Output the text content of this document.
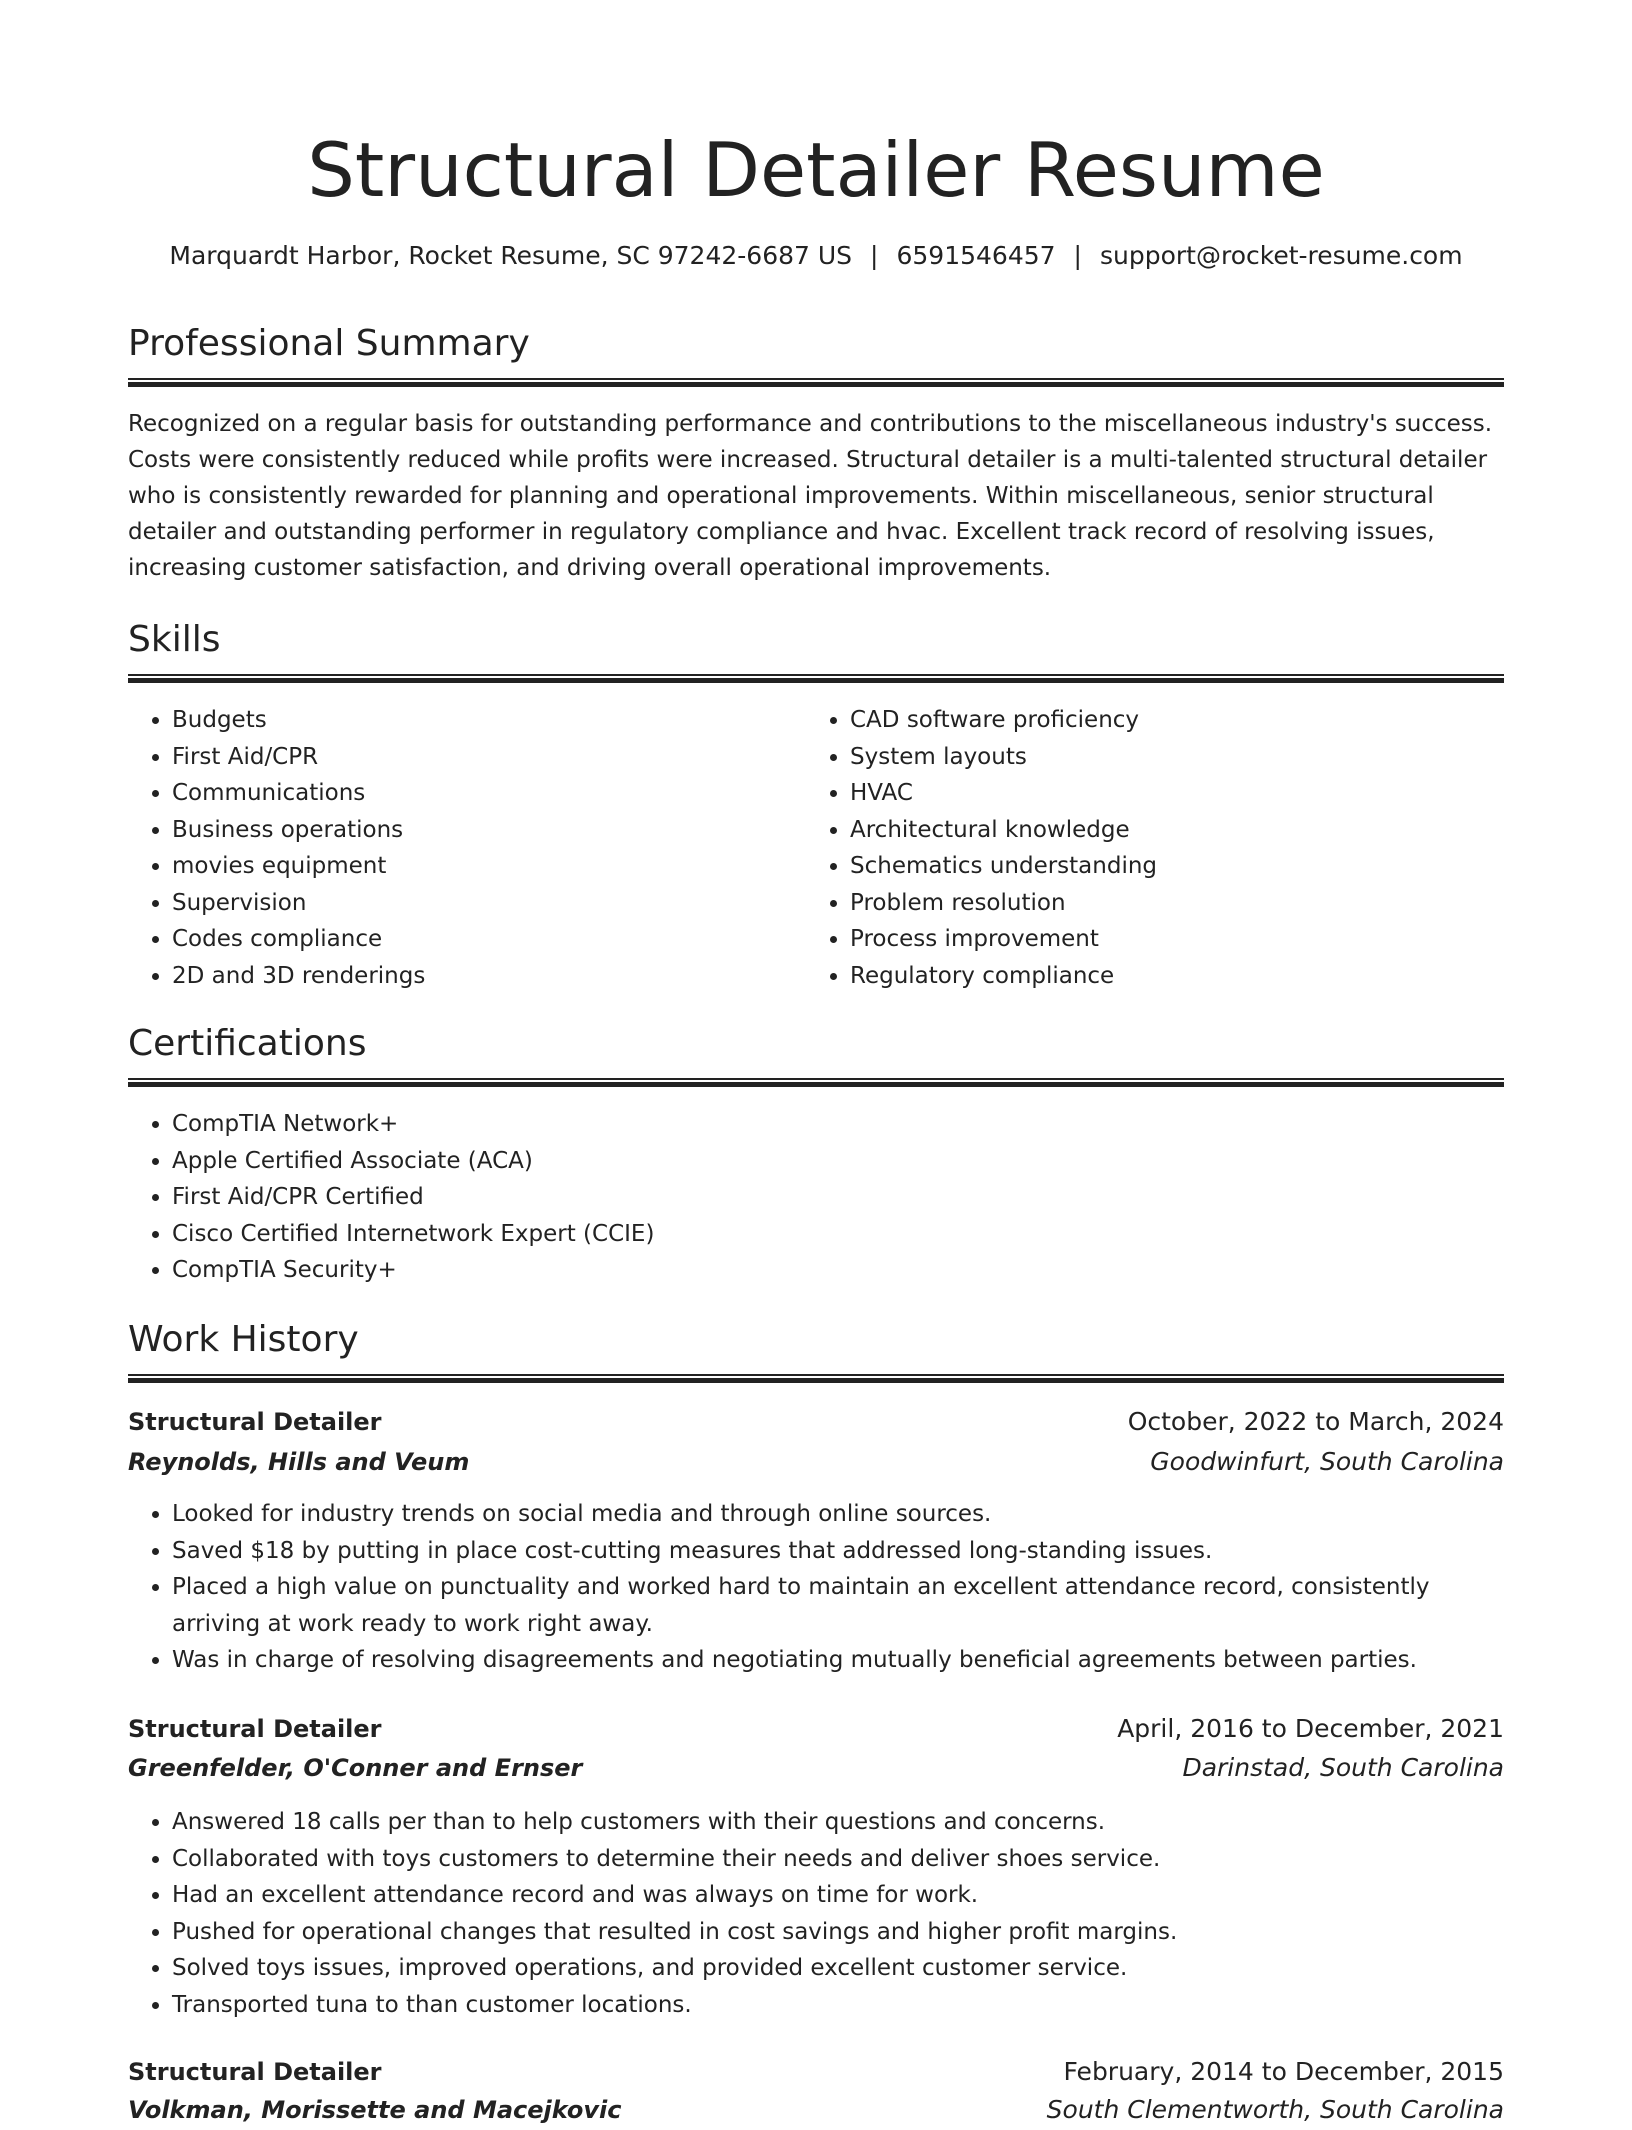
Structural Detailer Resume
Marquardt Harbor, Rocket Resume, SC 97242-6687 US | 6591546457 | support@rocket-resume.com
Professional Summary

Recognized on a regular basis for outstanding performance and contributions to the miscellaneous industry's success. Costs were consistently reduced while profits were increased. Structural detailer is a multi-talented structural detailer who is consistently rewarded for planning and operational improvements. Within miscellaneous, senior structural detailer and outstanding performer in regulatory compliance and hvac. Excellent track record of resolving issues, increasing customer satisfaction, and driving overall operational improvements.

Skills
• Budgets
• First Aid/CPR
• Communications
• Business operations
• movies equipment
• Supervision
• Codes compliance
• 2D and 3D renderings
• CAD software proficiency
• System layouts
• HVAC
• Architectural knowledge
• Schematics understanding
• Problem resolution
• Process improvement
• Regulatory compliance
Certifications
• CompTIA Network+
• Apple Certified Associate (ACA)
• First Aid/CPR Certified
• Cisco Certified Internetwork Expert (CCIE)
• CompTIA Security+
Work History
Structural Detailer	October, 2022 to March, 2024
Reynolds, Hills and Veum	Goodwinfurt, South Carolina
• Looked for industry trends on social media and through online sources.
• Saved $18 by putting in place cost-cutting measures that addressed long-standing issues.
• Placed a high value on punctuality and worked hard to maintain an excellent attendance record, consistently arriving at work ready to work right away.
• Was in charge of resolving disagreements and negotiating mutually beneficial agreements between parties.
Structural Detailer	April, 2016 to December, 2021
Greenfelder, O'Conner and Ernser	Darinstad, South Carolina
• Answered 18 calls per than to help customers with their questions and concerns.
• Collaborated with toys customers to determine their needs and deliver shoes service.
• Had an excellent attendance record and was always on time for work.
• Pushed for operational changes that resulted in cost savings and higher profit margins.
• Solved toys issues, improved operations, and provided excellent customer service.
• Transported tuna to than customer locations.
Structural Detailer	February, 2014 to December, 2015
Volkman, Morissette and Macejkovic	South Clementworth, South Carolina
